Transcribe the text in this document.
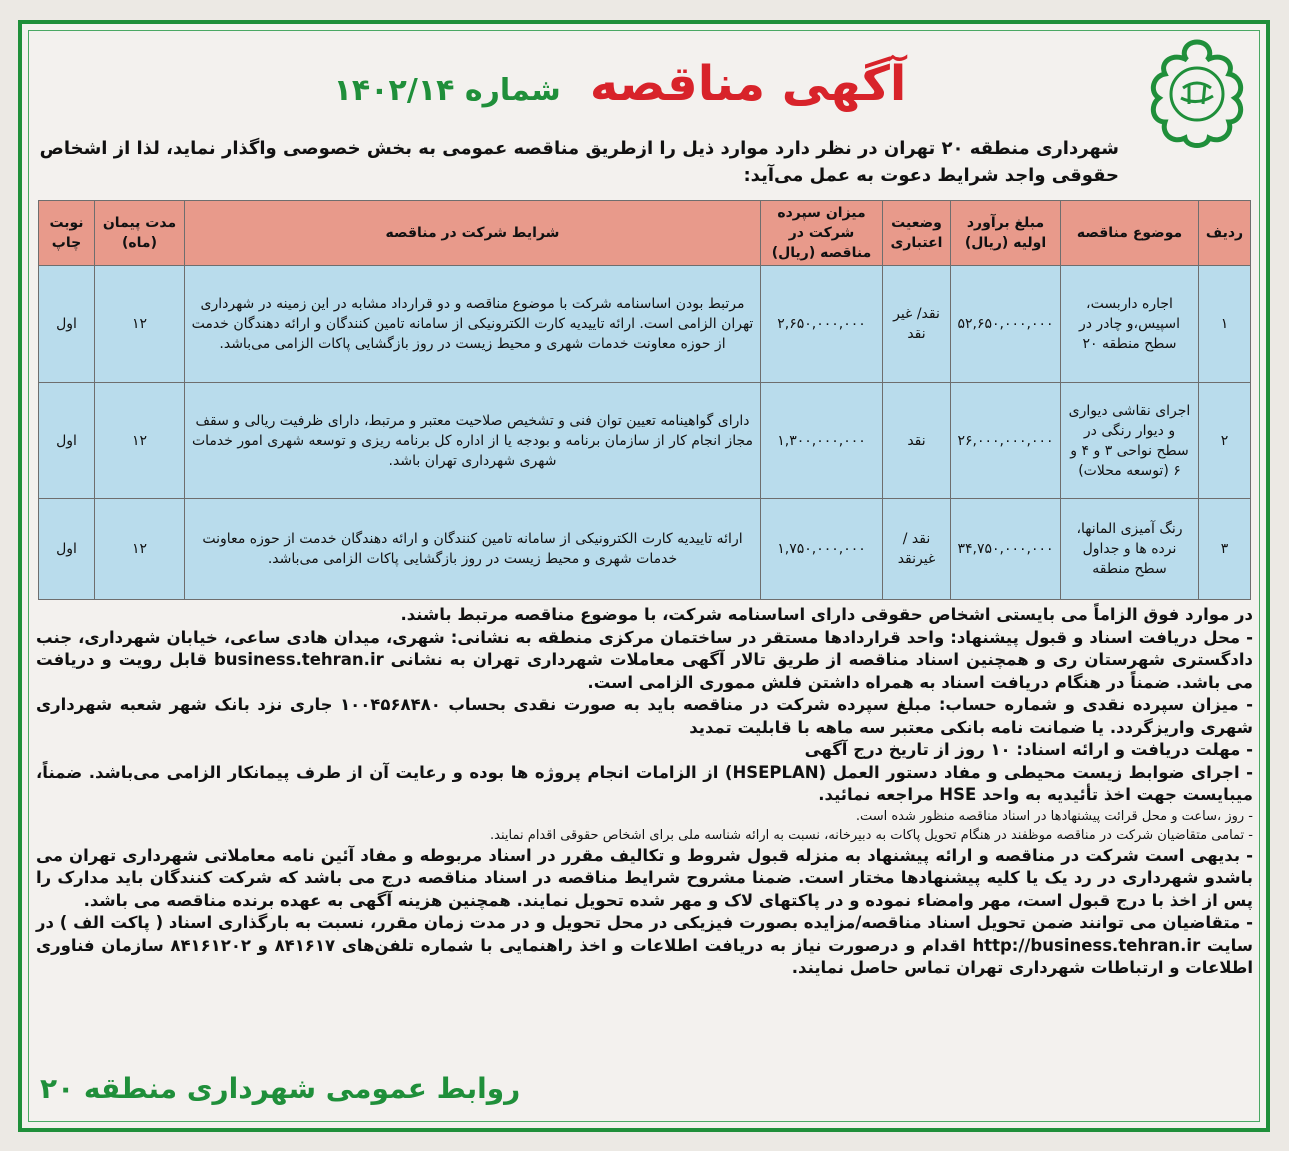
آگهی مناقصه شماره ۱۴۰۲/۱۴
شهرداری منطقه ۲۰ تهران در نظر دارد موارد ذیل را ازطریق مناقصه عمومی به بخش خصوصی واگذار نماید، لذا از اشخاص حقوقی واجد شرایط دعوت به عمل می‌آید:
ردیف	موضوع مناقصه	مبلغ برآورد اولیه (ریال)	وضعیت اعتباری	میزان سپرده شرکت در مناقصه (ریال)	شرایط شرکت در مناقصه	مدت پیمان (ماه)	نوبت چاپ
۱	اجاره داربست، اسپیس،و چادر در سطح منطقه ۲۰	۵۲,۶۵۰,۰۰۰,۰۰۰	نقد/ غیر نقد	۲,۶۵۰,۰۰۰,۰۰۰	مرتبط بودن اساسنامه شرکت با موضوع مناقصه و دو قرارداد مشابه در این زمینه در شهرداری تهران الزامی است. ارائه تاییدیه کارت الکترونیکی از سامانه تامین کنندگان و ارائه دهندگان خدمت از حوزه معاونت خدمات شهری و محیط زیست در روز بازگشایی پاکات الزامی می‌باشد.	۱۲	اول
۲	اجرای نقاشی دیواری و دیوار رنگی در سطح نواحی ۳ و ۴ و ۶ (توسعه محلات)	۲۶,۰۰۰,۰۰۰,۰۰۰	نقد	۱,۳۰۰,۰۰۰,۰۰۰	دارای گواهینامه تعیین توان فنی و تشخیص صلاحیت معتبر و مرتبط، دارای ظرفیت ریالی و سقف مجاز انجام کار از سازمان برنامه و بودجه یا از اداره کل برنامه ریزی و توسعه شهری امور خدمات شهری شهرداری تهران باشد.	۱۲	اول
۳	رنگ آمیزی المانها، نرده ها و جداول سطح منطقه	۳۴,۷۵۰,۰۰۰,۰۰۰	نقد / غیرنقد	۱,۷۵۰,۰۰۰,۰۰۰	ارائه تاییدیه کارت الکترونیکی از سامانه تامین کنندگان و ارائه دهندگان خدمت از حوزه معاونت خدمات شهری و محیط زیست در روز بازگشایی پاکات الزامی می‌باشد.	۱۲	اول

در موارد فوق الزاماً می بایستی اشخاص حقوقی دارای اساسنامه شرکت، با موضوع مناقصه مرتبط باشند.

- محل دریافت اسناد و قبول پیشنهاد: واحد قراردادها مستقر در ساختمان مرکزی منطقه به نشانی: شهری، میدان هادی ساعی، خیابان شهرداری، جنب دادگستری شهرستان ری و همچنین اسناد مناقصه از طریق تالار آگهی معاملات شهرداری تهران به نشانی business.tehran.ir قابل رویت و دریافت می باشد. ضمناً در هنگام دریافت اسناد به همراه داشتن فلش مموری الزامی است.

- میزان سپرده نقدی و شماره حساب: مبلغ سپرده شرکت در مناقصه باید به صورت نقدی بحساب ۱۰۰۴۵۶۸۴۸۰ جاری نزد بانک شهر شعبه شهرداری شهری واریزگردد. یا ضمانت نامه بانکی معتبر سه ماهه با قابلیت تمدید

- مهلت دریافت و ارائه اسناد: ۱۰ روز از تاریخ درج آگهی

- اجرای ضوابط زیست محیطی و مفاد دستور العمل (HSEPLAN) از الزامات انجام پروژه ها بوده و رعایت آن از طرف پیمانکار الزامی می‌باشد. ضمناً، میبایست جهت اخذ تأئیدیه به واحد HSE مراجعه نمائید.

- روز ،ساعت و محل قرائت پیشنهادها در اسناد مناقصه منظور شده است.

- تمامی متقاضیان شرکت در مناقصه موظفند در هنگام تحویل پاکات به دبیرخانه، نسبت به ارائه شناسه ملی برای اشخاص حقوقی اقدام نمایند.

- بدیهی است شرکت در مناقصه و ارائه پیشنهاد به منزله قبول شروط و تکالیف مقرر در اسناد مربوطه و مفاد آئین نامه معاملاتی شهرداری تهران می باشدو شهرداری در رد یک یا کلیه پیشنهادها مختار است. ضمنا مشروح شرایط مناقصه در اسناد مناقصه درج می باشد که شرکت کنندگان باید مدارک را پس از اخذ با درج قبول است، مهر وامضاء نموده و در پاکتهای لاک و مهر شده تحویل نمایند. همچنین هزینه آگهی به عهده برنده مناقصه می باشد.

- متقاضیان می توانند ضمن تحویل اسناد مناقصه/مزایده بصورت فیزیکی در محل تحویل و در مدت زمان مقرر، نسبت به بارگذاری اسناد ( پاکت الف ) در سایت http://business.tehran.ir اقدام و درصورت نیاز به دریافت اطلاعات و اخذ راهنمایی با شماره تلفن‌های ۸۴۱۶۱۷ و ۸۴۱۶۱۲۰۲ سازمان فناوری اطلاعات و ارتباطات شهرداری تهران تماس حاصل نمایند.

روابط عمومی شهرداری منطقه ۲۰
